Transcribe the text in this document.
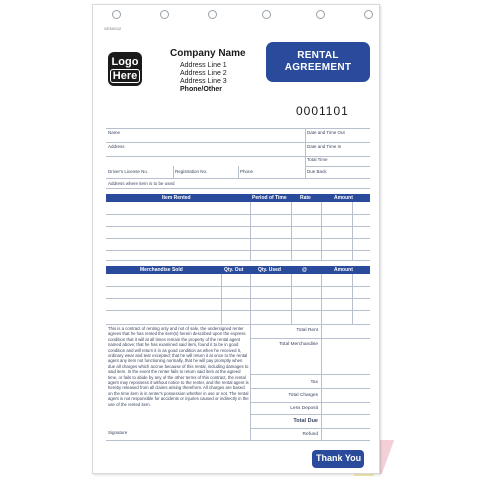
GEN0112
Logo
Here
Company Name
Address Line 1
Address Line 2
Address Line 3
Phone/Other
RENTAL
AGREEMENT
0001101
Name	Date and Time Out
Address	Date and Time In
Total Time
Driver's License No.	Registration No.	Phone	Due Back
Address where item is to be used
Item Rented	Period of Time	Rate	Amount
Merchandise Sold	Qty. Out	Qty. Used	@	Amount
This is a contract of renting only and not of sale, the undersigned renter agrees that he has rented the item(s) herein described upon the express condition that it will at all times remain the property of the rental agent named above; that he has examined said item, found it to be in good condition and will return it in as good condition as when he received it, ordinary wear and tear excepted; that he will return it at once to the rental agent any item not functioning normally, that he will pay promptly when due all charges which accrue because of this rental, including damages to said item. In the event the renter fails to return said item at the agreed time, or fails to abide by any of the other terms of this contract, the rental agent may repossess it without notice to the renter, and the rental agent is hereby released from all claims arising therefrom. All charges are based on the time item is in renter's possession whether in use or not. The rental agent is not responsible for accidents or injuries caused or indirectly in the use of the rented item.
Total Rent
Total Merchandise
Tax
Total Charges
Less Deposit
Total Due
Refund
Signature
Thank You
